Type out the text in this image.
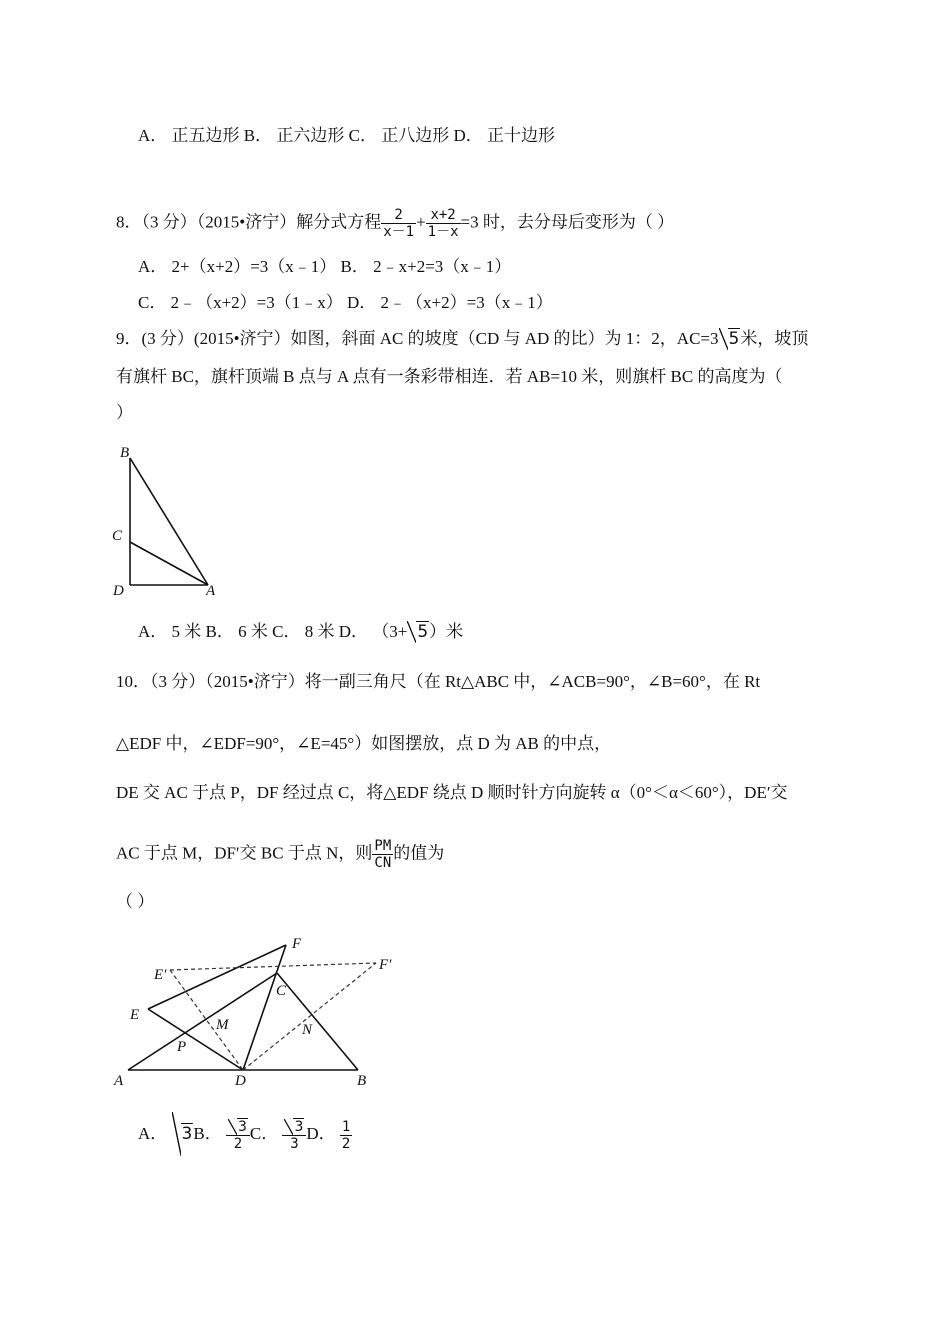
A． 正五边形 B． 正六边形 C． 正八边形 D． 正十边形
8．（3 分）（2015•济宁）解分式方程 $\frac{2}{x-1} + \frac{x+2}{1-x} =3$ 时，去分母后变形为（ ）
A． 2+（x+2）=3（x﹣1） B． 2﹣x+2=3（x﹣1）
C． 2﹣（x+2）=3（1﹣x） D． 2﹣（x+2）=3（x﹣1）
9．(3 分）(2015•济宁）如图，斜面 AC 的坡度（CD 与 AD 的比）为 1：2，AC=3 5米，坡顶
有旗杆 BC，旗杆顶端 B 点与 A 点有一条彩带相连．若 AB=10 米，则旗杆 BC 的高度为（
）
B
C
D	A
A． 5 米 B． 6 米 C． 8 米 D． （3+ 5）米
10．（3 分）（2015•济宁）将一副三角尺（在 Rt△ABC 中，∠ACB=90°，∠B=60°，在 Rt
△EDF 中，∠EDF=90°，∠E=45°）如图摆放，点 D 为 AB 的中点，
DE 交 AC 于点 P，DF 经过点 C，将△EDF 绕点 D 顺时针方向旋转 α（0°＜α＜60°），DE′交
AC 于点 M，DF′交 BC 于点 N，则 $\frac{PM}{CN}$ 的值为
（ ）
F
E′
F′
C
E
M	N
P
A	D	B
A． 3B． $\frac{3}{2}$ C． $\frac{3}{3}$ D． $\frac{1}{2}$
